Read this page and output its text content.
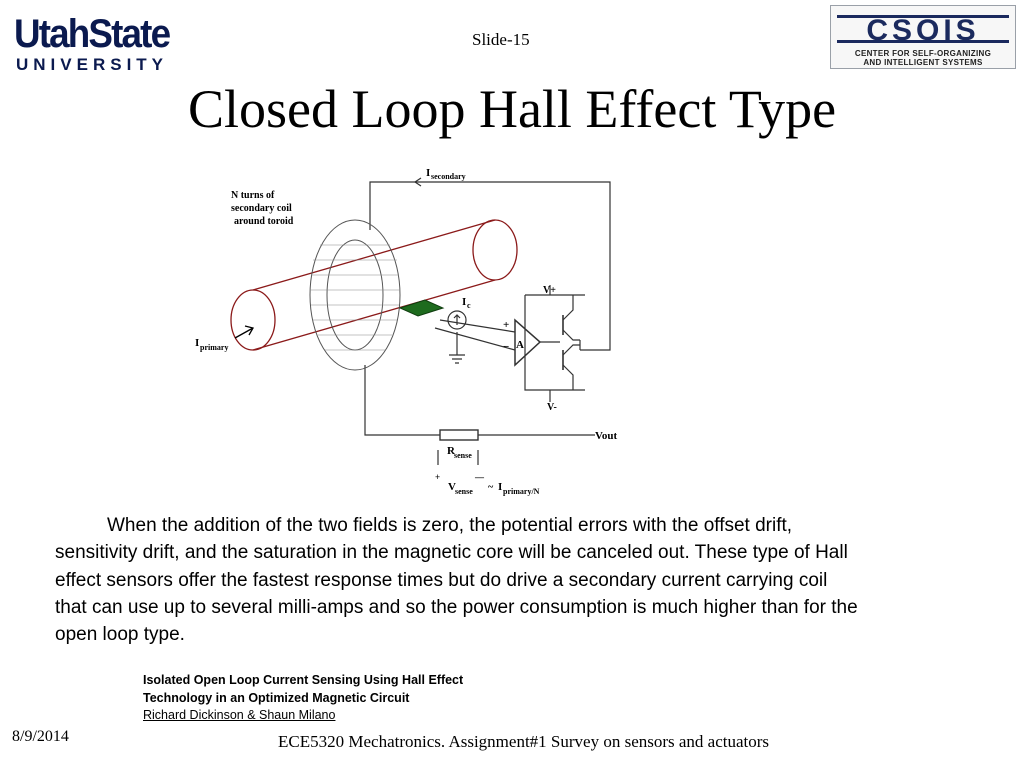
UtahState
UNIVERSITY
Slide-15	CSOIS
CENTER FOR SELF-ORGANIZING
AND INTELLIGENT SYSTEMS
Closed Loop Hall Effect Type
N turns of
secondary coil
around toroid
I secondary
I primary
I c
A
+
−
V+
V-
Vout
R sense
+	—
V sense ~ I primary/N

When the addition of the two fields is zero, the potential errors with the offset drift, sensitivity drift, and the saturation in the magnetic core will be canceled out. These type of Hall effect sensors offer the fastest response times but do drive a secondary current carrying coil that can use up to several milli-amps and so the power consumption is much higher than for the open loop type.

Isolated Open Loop Current Sensing Using Hall Effect
Technology in an Optimized Magnetic Circuit
Richard Dickinson & Shaun Milano
8/9/2014	ECE5320 Mechatronics. Assignment#1 Survey on sensors and actuators
